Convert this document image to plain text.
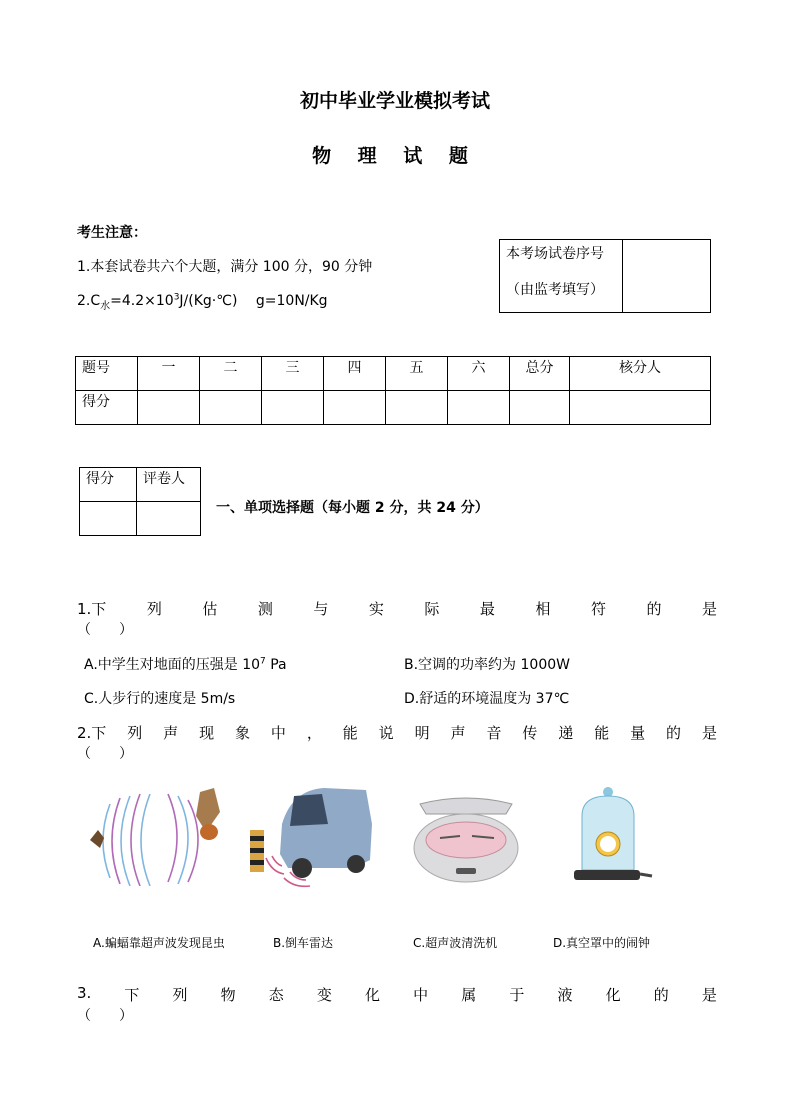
初中毕业学业模拟考试
物 理 试 题
考生注意：
1.本套试卷共六个大题，满分 100 分，90 分钟
$2.C_水=4.2\times 10^3J/(Kg\cdot℃)$　 g=10N/Kg
本考场试卷序号	
（由监考填写）
题号	一	二	三	四	五	六	总分	核分人
得分								
得分	评卷人

一、单项选择题（每小题 2 分，共 24 分）
1.下	列	估	测	与	实	际	最	相	符	的	是
（　　）
A.中学生对地面的压强是 $10^7$ Pa	B.空调的功率约为 1000W
C.人步行的速度是 5m/s	D.舒适的环境温度为 37℃
2.下 列 声 现 象 中 ， 能 说 明 声 音 传 递 能 量 的 是
（　　）
A.蝙蝠靠超声波发现昆虫	B.倒车雷达	C.超声波清洗机	D.真空罩中的闹钟
3. 下 列 物 态 变 化 中 属 于 液 化 的 是
（　　）
